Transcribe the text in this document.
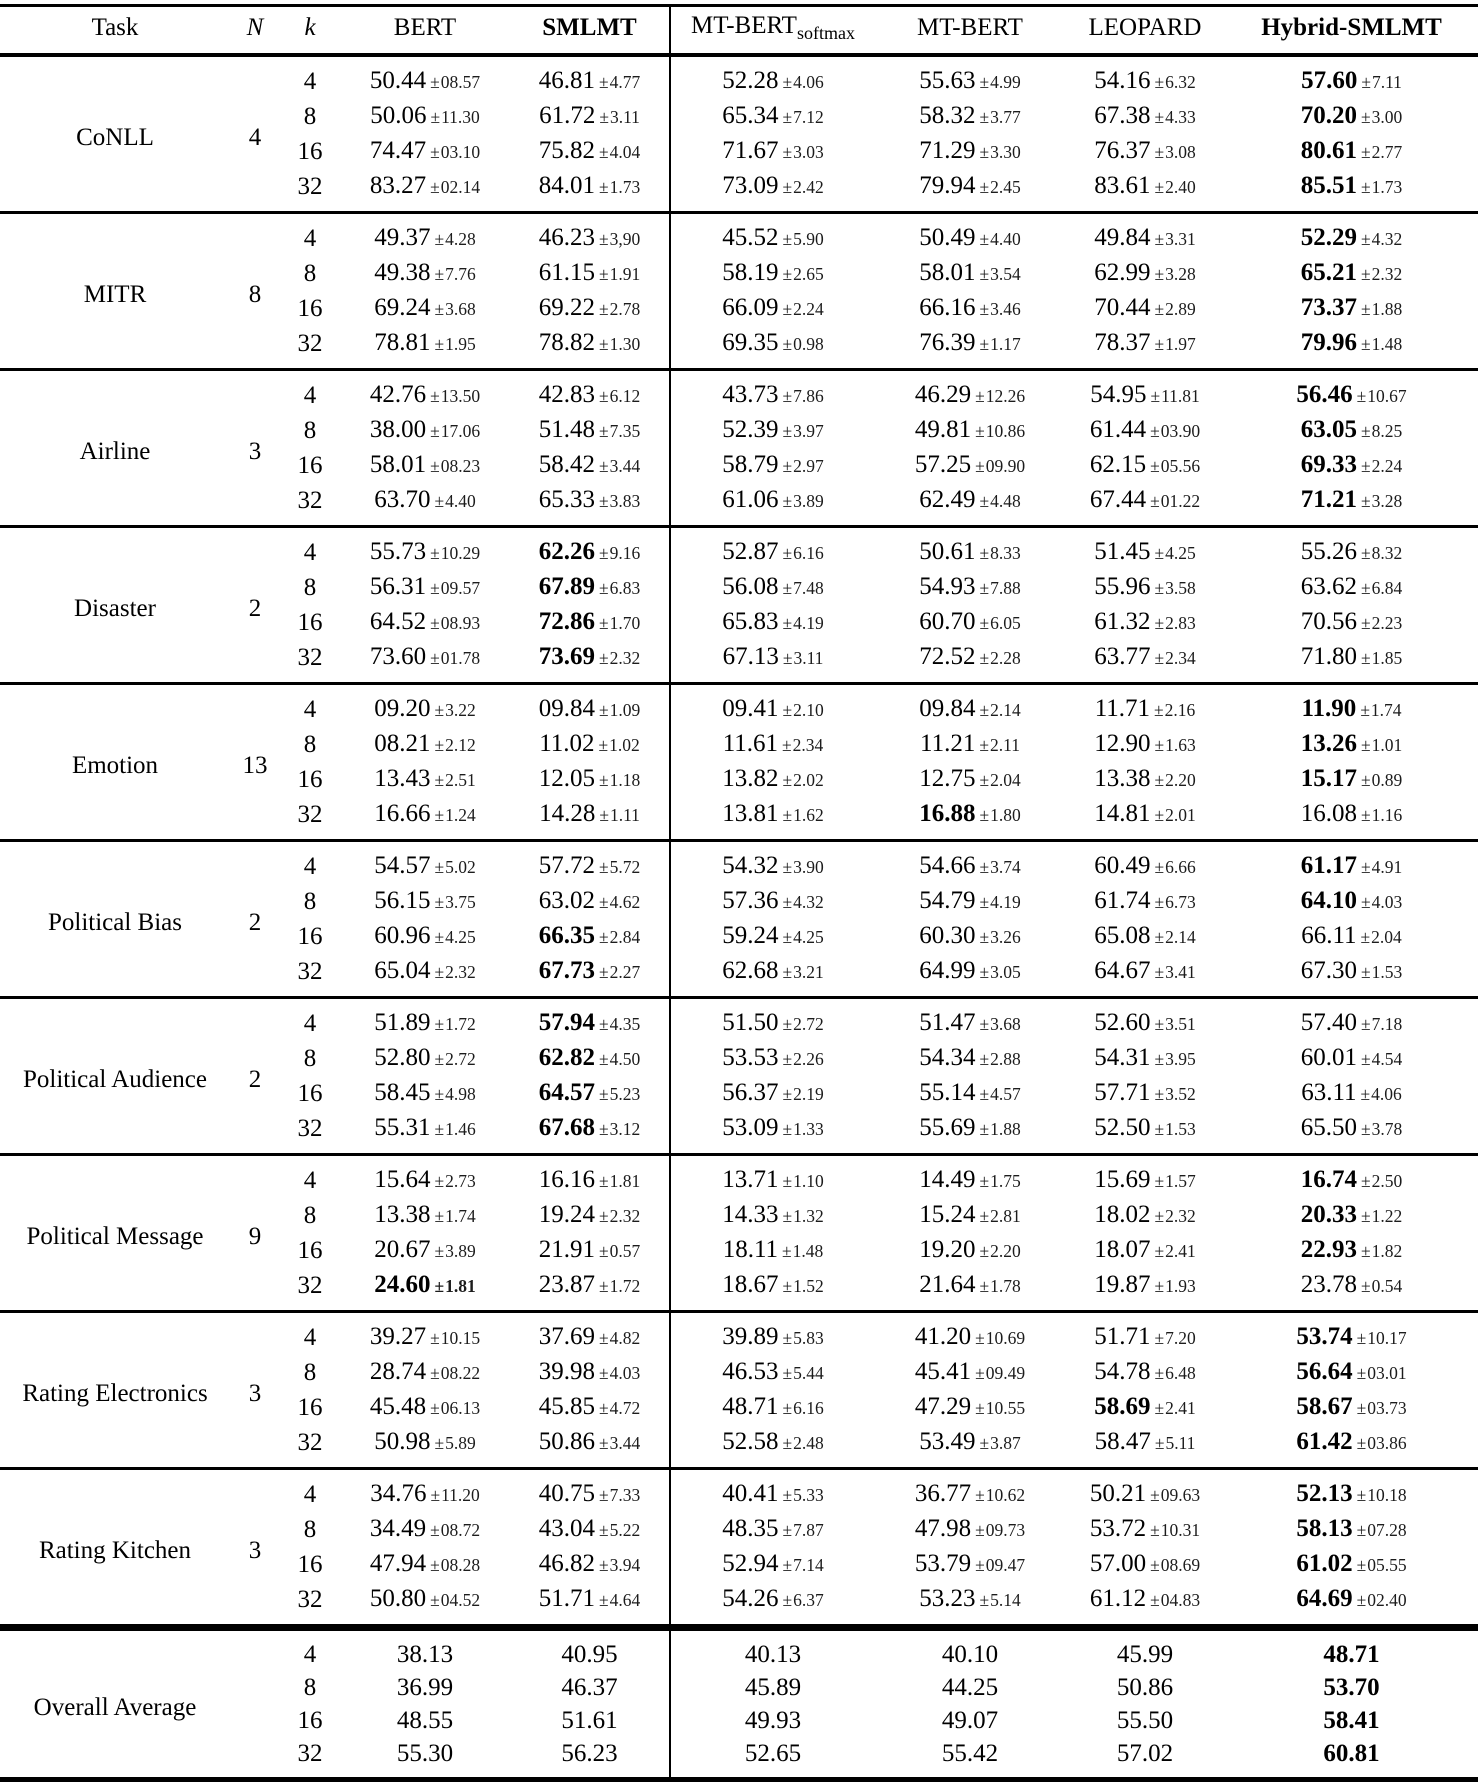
Task	N	k	BERT	SMLMT	$MT-BERT_{softmax}$	MT-BERT	LEOPARD	Hybrid-SMLMT
CoNLL	4	4	50.44 ±08.57	46.81 ±4.77	52.28 ±4.06	55.63 ±4.99	54.16 ±6.32	57.60 ±7.11
		8	50.06 ±11.30	61.72 ±3.11	65.34 ±7.12	58.32 ±3.77	67.38 ±4.33	70.20 ±3.00
		16	74.47 ±03.10	75.82 ±4.04	71.67 ±3.03	71.29 ±3.30	76.37 ±3.08	80.61 ±2.77
		32	83.27 ±02.14	84.01 ±1.73	73.09 ±2.42	79.94 ±2.45	83.61 ±2.40	85.51 ±1.73
MITR	8	4	49.37 ±4.28	46.23 ±3,90	45.52 ±5.90	50.49 ±4.40	49.84 ±3.31	52.29 ±4.32
		8	49.38 ±7.76	61.15 ±1.91	58.19 ±2.65	58.01 ±3.54	62.99 ±3.28	65.21 ±2.32
		16	69.24 ±3.68	69.22 ±2.78	66.09 ±2.24	66.16 ±3.46	70.44 ±2.89	73.37 ±1.88
		32	78.81 ±1.95	78.82 ±1.30	69.35 ±0.98	76.39 ±1.17	78.37 ±1.97	79.96 ±1.48
Airline	3	4	42.76 ±13.50	42.83 ±6.12	43.73 ±7.86	46.29 ±12.26	54.95 ±11.81	56.46 ±10.67
		8	38.00 ±17.06	51.48 ±7.35	52.39 ±3.97	49.81 ±10.86	61.44 ±03.90	63.05 ±8.25
		16	58.01 ±08.23	58.42 ±3.44	58.79 ±2.97	57.25 ±09.90	62.15 ±05.56	69.33 ±2.24
		32	63.70 ±4.40	65.33 ±3.83	61.06 ±3.89	62.49 ±4.48	67.44 ±01.22	71.21 ±3.28
Disaster	2	4	55.73 ±10.29	62.26 ±9.16	52.87 ±6.16	50.61 ±8.33	51.45 ±4.25	55.26 ±8.32
		8	56.31 ±09.57	67.89 ±6.83	56.08 ±7.48	54.93 ±7.88	55.96 ±3.58	63.62 ±6.84
		16	64.52 ±08.93	72.86 ±1.70	65.83 ±4.19	60.70 ±6.05	61.32 ±2.83	70.56 ±2.23
		32	73.60 ±01.78	73.69 ±2.32	67.13 ±3.11	72.52 ±2.28	63.77 ±2.34	71.80 ±1.85
Emotion	13	4	09.20 ±3.22	09.84 ±1.09	09.41 ±2.10	09.84 ±2.14	11.71 ±2.16	11.90 ±1.74
		8	08.21 ±2.12	11.02 ±1.02	11.61 ±2.34	11.21 ±2.11	12.90 ±1.63	13.26 ±1.01
		16	13.43 ±2.51	12.05 ±1.18	13.82 ±2.02	12.75 ±2.04	13.38 ±2.20	15.17 ±0.89
		32	16.66 ±1.24	14.28 ±1.11	13.81 ±1.62	16.88 ±1.80	14.81 ±2.01	16.08 ±1.16
Political Bias	2	4	54.57 ±5.02	57.72 ±5.72	54.32 ±3.90	54.66 ±3.74	60.49 ±6.66	61.17 ±4.91
		8	56.15 ±3.75	63.02 ±4.62	57.36 ±4.32	54.79 ±4.19	61.74 ±6.73	64.10 ±4.03
		16	60.96 ±4.25	66.35 ±2.84	59.24 ±4.25	60.30 ±3.26	65.08 ±2.14	66.11 ±2.04
		32	65.04 ±2.32	67.73 ±2.27	62.68 ±3.21	64.99 ±3.05	64.67 ±3.41	67.30 ±1.53
Political Audience	2	4	51.89 ±1.72	57.94 ±4.35	51.50 ±2.72	51.47 ±3.68	52.60 ±3.51	57.40 ±7.18
		8	52.80 ±2.72	62.82 ±4.50	53.53 ±2.26	54.34 ±2.88	54.31 ±3.95	60.01 ±4.54
		16	58.45 ±4.98	64.57 ±5.23	56.37 ±2.19	55.14 ±4.57	57.71 ±3.52	63.11 ±4.06
		32	55.31 ±1.46	67.68 ±3.12	53.09 ±1.33	55.69 ±1.88	52.50 ±1.53	65.50 ±3.78
Political Message	9	4	15.64 ±2.73	16.16 ±1.81	13.71 ±1.10	14.49 ±1.75	15.69 ±1.57	16.74 ±2.50
		8	13.38 ±1.74	19.24 ±2.32	14.33 ±1.32	15.24 ±2.81	18.02 ±2.32	20.33 ±1.22
		16	20.67 ±3.89	21.91 ±0.57	18.11 ±1.48	19.20 ±2.20	18.07 ±2.41	22.93 ±1.82
		32	24.60 ±1.81	23.87 ±1.72	18.67 ±1.52	21.64 ±1.78	19.87 ±1.93	23.78 ±0.54
Rating Electronics	3	4	39.27 ±10.15	37.69 ±4.82	39.89 ±5.83	41.20 ±10.69	51.71 ±7.20	53.74 ±10.17
		8	28.74 ±08.22	39.98 ±4.03	46.53 ±5.44	45.41 ±09.49	54.78 ±6.48	56.64 ±03.01
		16	45.48 ±06.13	45.85 ±4.72	48.71 ±6.16	47.29 ±10.55	58.69 ±2.41	58.67 ±03.73
		32	50.98 ±5.89	50.86 ±3.44	52.58 ±2.48	53.49 ±3.87	58.47 ±5.11	61.42 ±03.86
Rating Kitchen	3	4	34.76 ±11.20	40.75 ±7.33	40.41 ±5.33	36.77 ±10.62	50.21 ±09.63	52.13 ±10.18
		8	34.49 ±08.72	43.04 ±5.22	48.35 ±7.87	47.98 ±09.73	53.72 ±10.31	58.13 ±07.28
		16	47.94 ±08.28	46.82 ±3.94	52.94 ±7.14	53.79 ±09.47	57.00 ±08.69	61.02 ±05.55
		32	50.80 ±04.52	51.71 ±4.64	54.26 ±6.37	53.23 ±5.14	61.12 ±04.83	64.69 ±02.40
Overall Average		4	38.13	40.95	40.13	40.10	45.99	48.71
		8	36.99	46.37	45.89	44.25	50.86	53.70
		16	48.55	51.61	49.93	49.07	55.50	58.41
		32	55.30	56.23	52.65	55.42	57.02	60.81
